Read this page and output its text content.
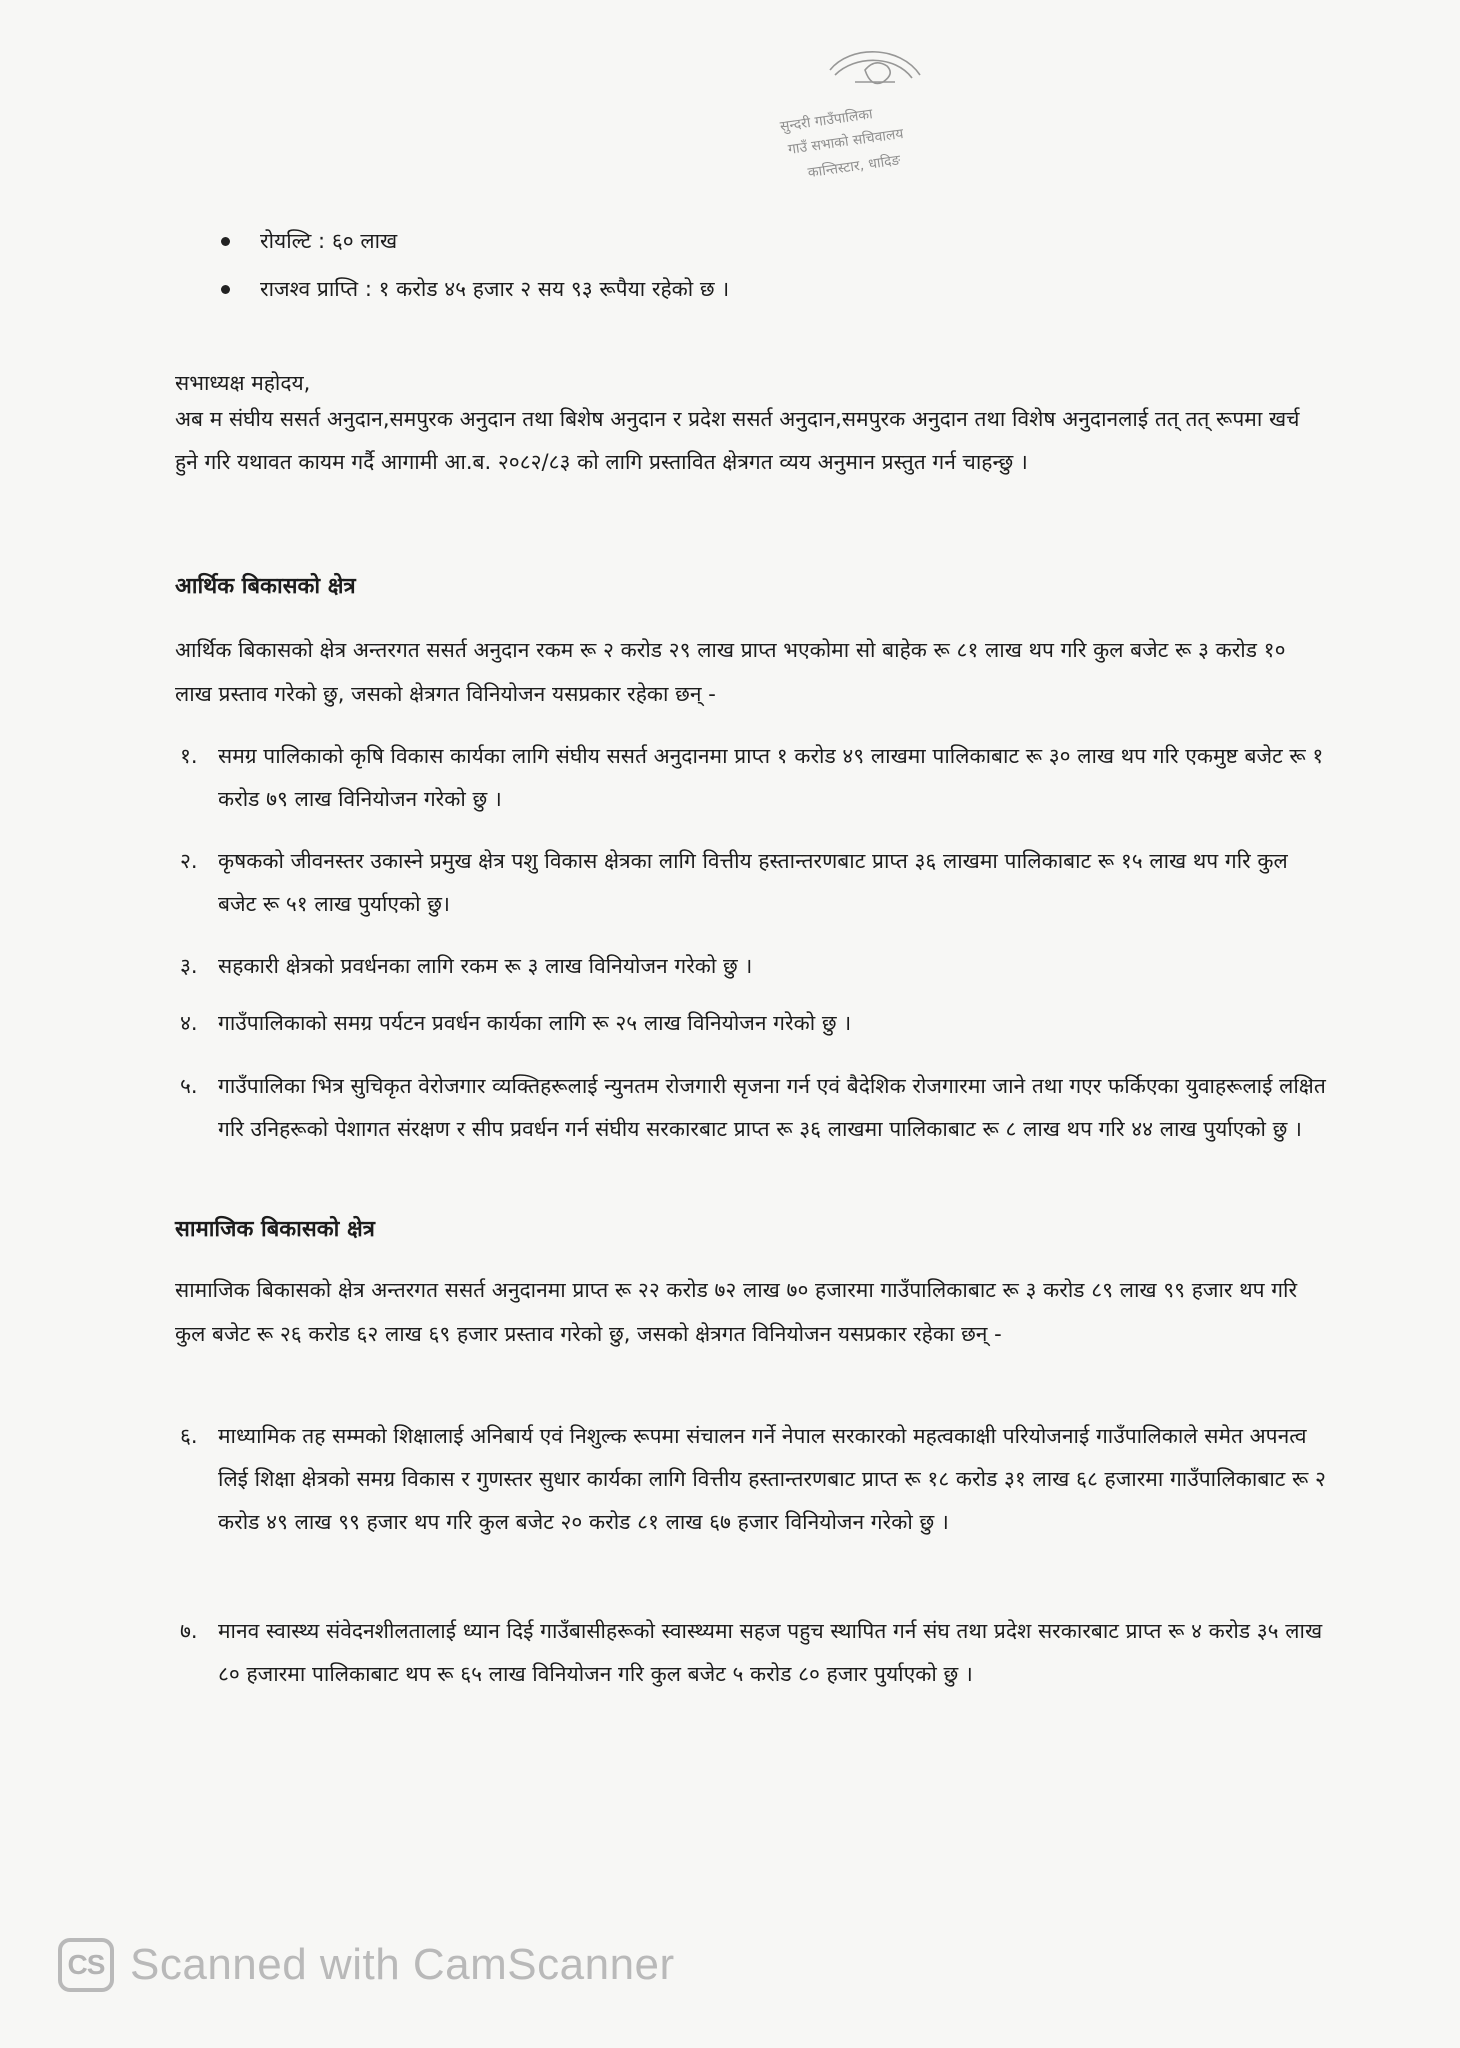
सुन्दरी गाउँपालिका
गाउँ सभाको सचिवालय
कान्तिस्टार, धादिङ
रोयल्टि : ६० लाख
राजश्व प्राप्ति : १ करोड ४५ हजार २ सय ९३ रूपैया रहेको छ ।
सभाध्यक्ष महोदय,
अब म संघीय ससर्त अनुदान,समपुरक अनुदान तथा बिशेष अनुदान र प्रदेश ससर्त अनुदान,समपुरक अनुदान तथा विशेष अनुदानलाई तत् तत् रूपमा खर्च हुने गरि यथावत कायम गर्दै आगामी आ.ब. २०८२/८३ को लागि प्रस्तावित क्षेत्रगत व्यय अनुमान प्रस्तुत गर्न चाहन्छु ।
आर्थिक बिकासको क्षेत्र
आर्थिक बिकासको क्षेत्र अन्तरगत ससर्त अनुदान रकम रू २ करोड २९ लाख प्राप्त भएकोमा सो बाहेक रू ८१ लाख थप गरि कुल बजेट रू ३ करोड १० लाख प्रस्ताव गरेको छु, जसको क्षेत्रगत विनियोजन यसप्रकार रहेका छन् -
१. समग्र पालिकाको कृषि विकास कार्यका लागि संघीय ससर्त अनुदानमा प्राप्त १ करोड ४९ लाखमा पालिकाबाट रू ३० लाख थप गरि एकमुष्ट बजेट रू १ करोड ७९ लाख विनियोजन गरेको छु ।
२. कृषकको जीवनस्तर उकास्ने प्रमुख क्षेत्र पशु विकास क्षेत्रका लागि वित्तीय हस्तान्तरणबाट प्राप्त ३६ लाखमा पालिकाबाट रू १५ लाख थप गरि कुल बजेट रू ५१ लाख पुर्याएको छु।
३. सहकारी क्षेत्रको प्रवर्धनका लागि रकम रू ३ लाख विनियोजन गरेको छु ।
४. गाउँपालिकाको समग्र पर्यटन प्रवर्धन कार्यका लागि रू २५ लाख विनियोजन गरेको छु ।
५. गाउँपालिका भित्र सुचिकृत वेरोजगार व्यक्तिहरूलाई न्युनतम रोजगारी सृजना गर्न एवं बैदेशिक रोजगारमा जाने तथा गएर फर्किएका युवाहरूलाई लक्षित गरि उनिहरूको पेशागत संरक्षण र सीप प्रवर्धन गर्न संघीय सरकारबाट प्राप्त रू ३६ लाखमा पालिकाबाट रू ८ लाख थप गरि ४४ लाख पुर्याएको छु ।
सामाजिक बिकासको क्षेत्र
सामाजिक बिकासको क्षेत्र अन्तरगत ससर्त अनुदानमा प्राप्त रू २२ करोड ७२ लाख ७० हजारमा गाउँपालिकाबाट रू ३ करोड ८९ लाख ९९ हजार थप गरि कुल बजेट रू २६ करोड ६२ लाख ६९ हजार प्रस्ताव गरेको छु, जसको क्षेत्रगत विनियोजन यसप्रकार रहेका छन् -
६. माध्यामिक तह सम्मको शिक्षालाई अनिबार्य एवं निशुल्क रूपमा संचालन गर्ने नेपाल सरकारको महत्वकाक्षी परियोजनाई गाउँपालिकाले समेत अपनत्व लिई शिक्षा क्षेत्रको समग्र विकास र गुणस्तर सुधार कार्यका लागि वित्तीय हस्तान्तरणबाट प्राप्त रू १८ करोड ३१ लाख ६८ हजारमा गाउँपालिकाबाट रू २ करोड ४९ लाख ९९ हजार थप गरि कुल बजेट २० करोड ८१ लाख ६७ हजार विनियोजन गरेको छु ।
७. मानव स्वास्थ्य संवेदनशीलतालाई ध्यान दिई गाउँबासीहरूको स्वास्थ्यमा सहज पहुच स्थापित गर्न संघ तथा प्रदेश सरकारबाट प्राप्त रू ४ करोड ३५ लाख ८० हजारमा पालिकाबाट थप रू ६५ लाख विनियोजन गरि कुल बजेट ५ करोड ८० हजार पुर्याएको छु ।
CS Scanned with CamScanner
